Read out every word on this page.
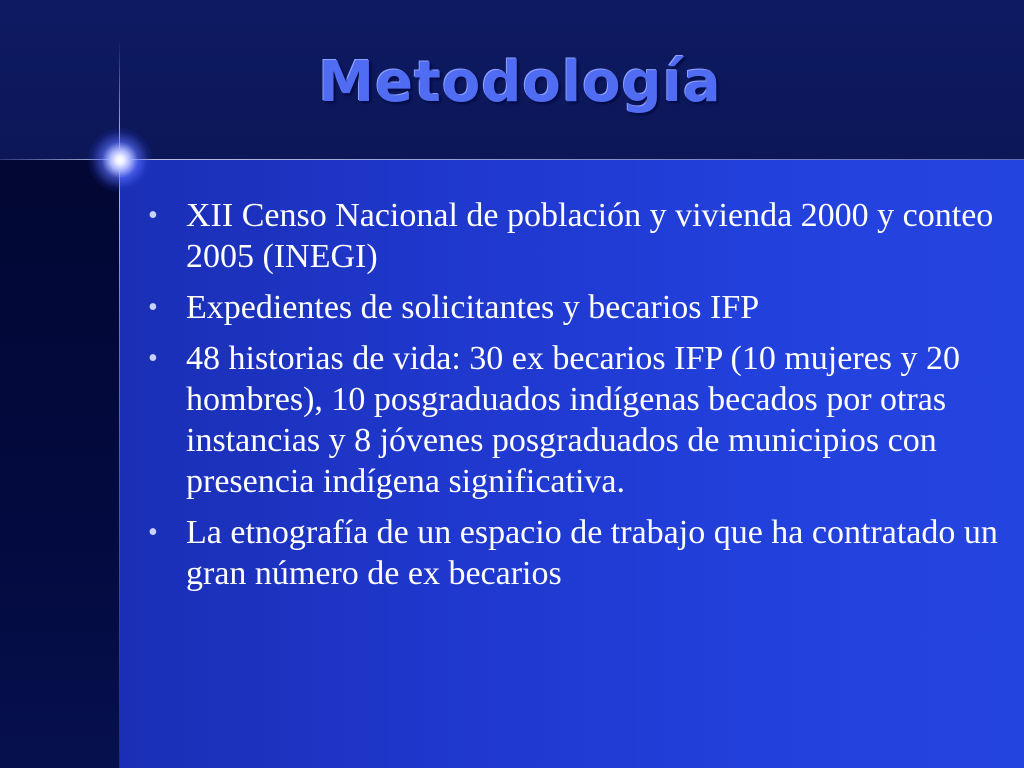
Metodología
• XII Censo Nacional de población y vivienda 2000 y conteo 2005 (INEGI)
• Expedientes de solicitantes y becarios IFP
• 48 historias de vida: 30 ex becarios IFP (10 mujeres y 20 hombres), 10 posgraduados indígenas becados por otras instancias y 8 jóvenes posgraduados de municipios con presencia indígena significativa.
• La etnografía de un espacio de trabajo que ha contratado un gran número de ex becarios
